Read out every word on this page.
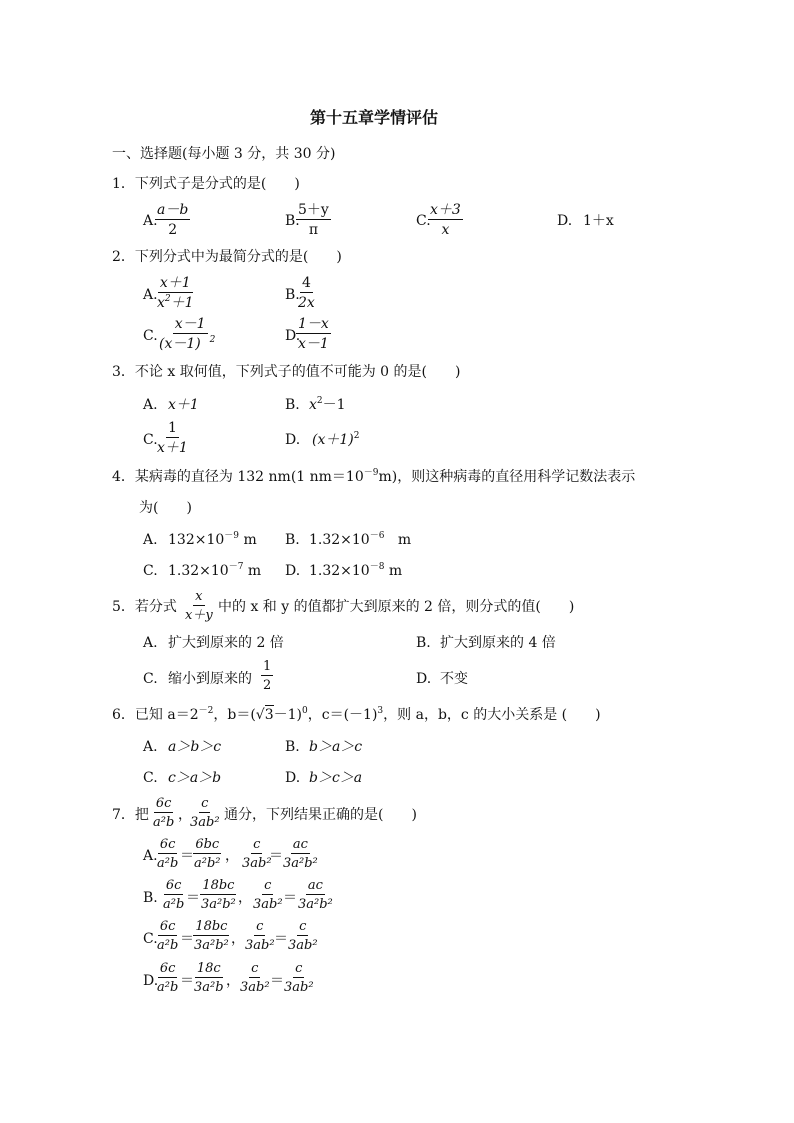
第十五章学情评估
一、选择题(每小题 3 分，共 30 分)
1．下列式子是分式的是(　　)
A.
$\frac{a-b}{2}$	B.
$\frac{5+y}{\pi}$	C.
$\frac{x+3}{x}$	D. 1＋x
2．下列分式中为最简分式的是(　　)
A.
$\frac{x+1}{x^2+1}$	B.
$\frac{4}{2x}$
C. $\frac{x-1}{(x-1) ^2}$	D.
$\frac{1-x}{x-1}$
3．不论 x 取何值，下列式子的值不可能为 0 的是(　　)
A. x＋1	B. $x^2-1$
C.
$\frac{1}{x+1}$	D. $(x+1)^2$
4．某病毒的直径为 132 nm(1 $nm=10^{-9}m$)，则这种病毒的直径用科学记数法表示
为(　　)
A. $132\times 10^{-9}$ m B. $1.32\times 10^{-6}$ m
C. $1.32\times 10^{-7}$ m D. $1.32\times 10^{-8}$ m
5．若分式 $\frac{x}{x+y}$ 中的 x 和 y 的值都扩大到原来的 2 倍，则分式的值(　　)
A. 扩大到原来的 2 倍	B. 扩大到原来的 4 倍
C. 缩小到原来的 $\frac{1}{2}$	D. 不变
6．已知 $a=2^{-2}$，$b=(√3-1)^0$，$c=(-1)^3$，则 a，b，c 的大小关系是 (　　)
A. a＞b＞c	B. b＞a＞c
C. c＞a＞b	D. b＞c＞a
7．把 $\frac{6c}{\text{a²b}}$ ，
$\frac{c}{\text{3ab²}}$ 通分，下列结果正确的是(　　)
A.
$\frac{6c}{\text{a²b}}$ ＝
$\frac{6bc}{\text{a²b²}}$ ， $\frac{c}{\text{3ab²}}$
＝
$\frac{ac}{\text{3a²b²}}$
B. $\frac{6c}{\text{a²b}} = \frac{18bc}{\text{3a²b²}}$ ， $\frac{c}{\text{3ab²}}$
＝ $\frac{ac}{\text{3a²b²}}$
C.
$\frac{6c}{\text{a²b}}$ ＝
$\frac{18bc}{\text{3a²b²}}$ ，
$\frac{c}{\text{3ab²}}$
＝
$\frac{c}{\text{3ab²}}$
D.
$\frac{6c}{\text{a²b}}$ ＝
$\frac{18c}{\text{3a²b}}$ ，
$\frac{c}{\text{3ab²}}$
＝
$\frac{c}{\text{3ab²}}$
